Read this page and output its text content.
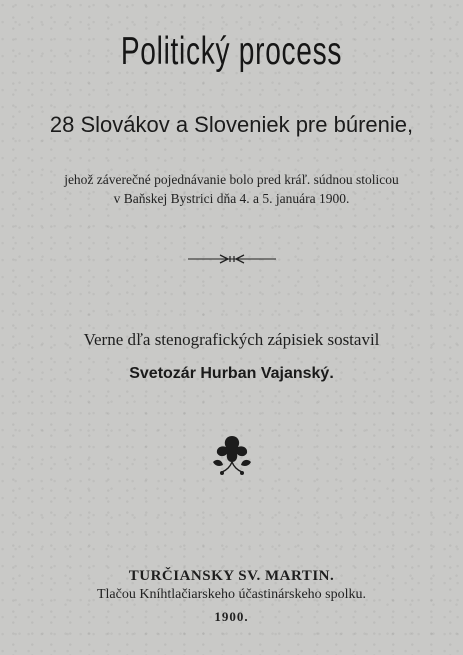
Politický process
28 Slovákov a Sloveniek pre búrenie,
jehož záverečné pojednávanie bolo pred kráľ. súdnou stolicou
v Baňskej Bystrici dňa 4. a 5. januára 1900.
Verne dľa stenografických zápisiek sostavil
Svetozár Hurban Vajanský.
TURČIANSKY SV. MARTIN.
Tlačou Kníhtlačiarskeho účastinárskeho spolku.
1900.
